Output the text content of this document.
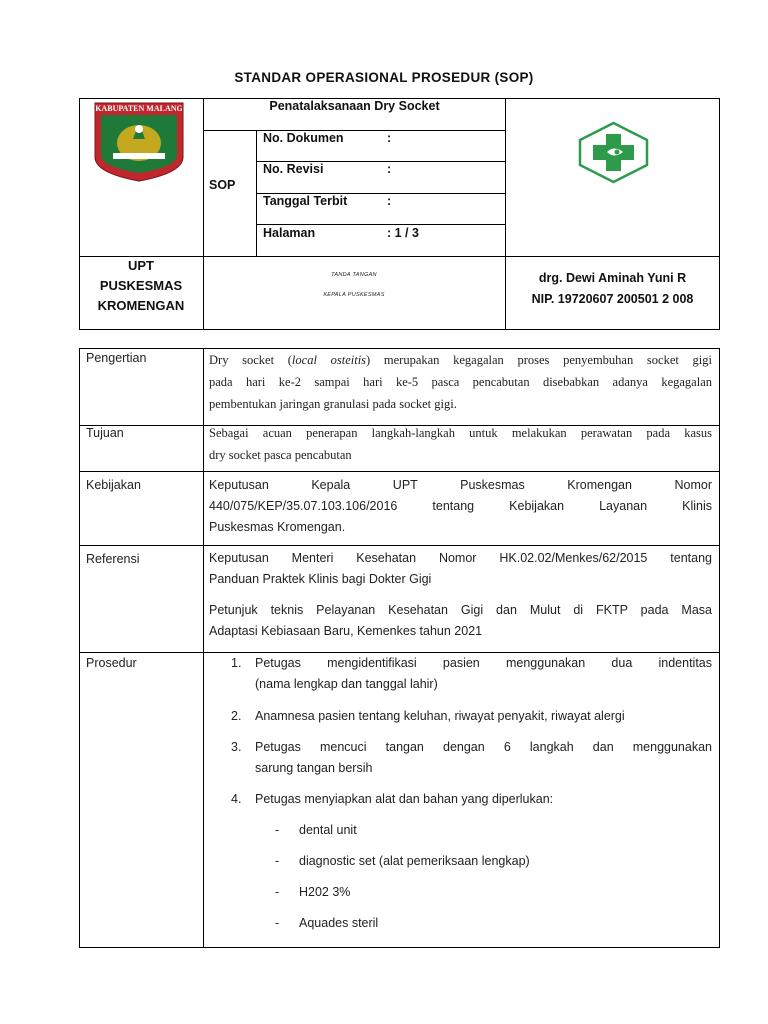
STANDAR OPERASIONAL PROSEDUR (SOP)
KABUPATEN MALANG	Penatalaksanaan Dry Socket
SOP
No. Dokumen	:
No. Revisi	:
Tanggal Terbit	:
Halaman	: 1 / 3
UPT
PUSKESMAS
KROMENGAN
TANDA TANGAN
KEPALA PUSKESMAS
drg. Dewi Aminah Yuni R
NIP. 19720607 200501 2 008
Pengertian	Dry socket (local osteitis) merupakan kegagalan proses penyembuhan socket gigi
pada hari ke-2 sampai hari ke-5 pasca pencabutan disebabkan adanya kegagalan
pembentukan jaringan granulasi pada socket gigi.
Tujuan	Sebagai acuan penerapan langkah-langkah untuk melakukan perawatan pada kasus
dry socket pasca pencabutan
Kebijakan	Keputusan Kepala UPT Puskesmas Kromengan Nomor
440/075/KEP/35.07.103.106/2016 tentang Kebijakan Layanan Klinis
Puskesmas Kromengan.
Referensi	Keputusan Menteri Kesehatan Nomor HK.02.02/Menkes/62/2015 tentang
Panduan Praktek Klinis bagi Dokter Gigi
Petunjuk teknis Pelayanan Kesehatan Gigi dan Mulut di FKTP pada Masa
Adaptasi Kebiasaan Baru, Kemenkes tahun 2021
Prosedur	1. Petugas mengidentifikasi pasien menggunakan dua indentitas
(nama lengkap dan tanggal lahir)
2. Anamnesa pasien tentang keluhan, riwayat penyakit, riwayat alergi
3. Petugas mencuci tangan dengan 6 langkah dan menggunakan
sarung tangan bersih
4. Petugas menyiapkan alat dan bahan yang diperlukan:
- dental unit
- diagnostic set (alat pemeriksaan lengkap)
- H202 3%
- Aquades steril
